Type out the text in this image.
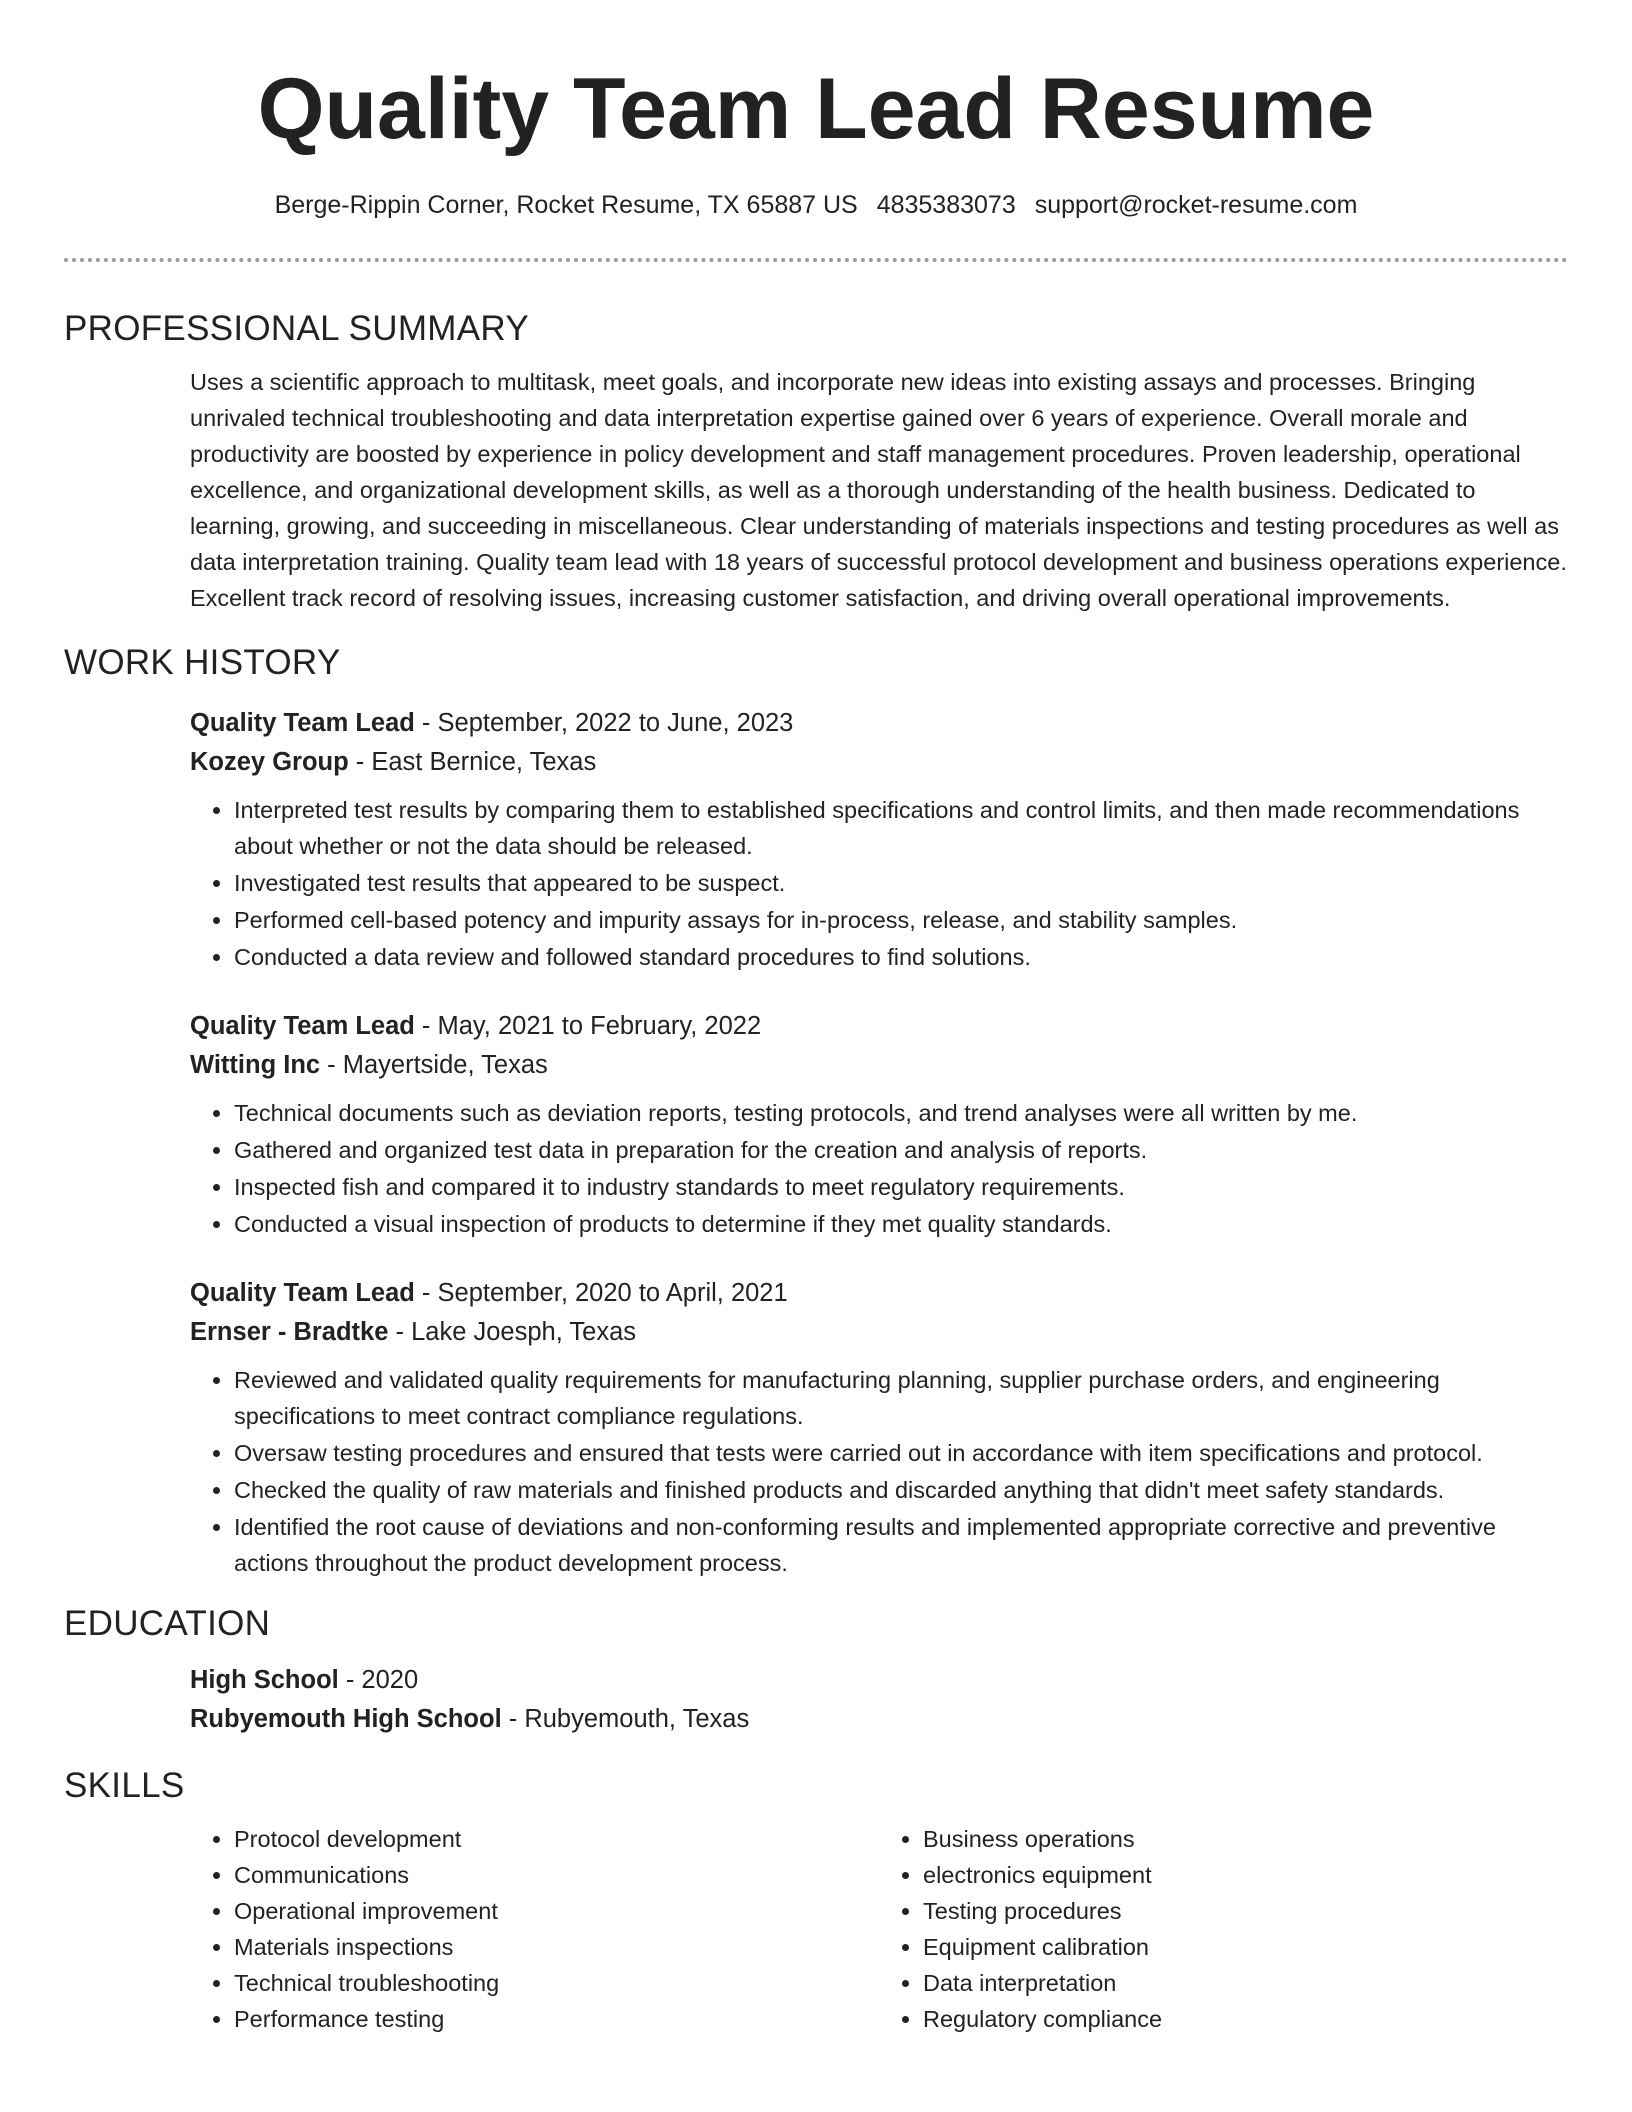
Quality Team Lead Resume
Berge-Rippin Corner, Rocket Resume, TX 65887 US 4835383073 support@rocket-resume.com
PROFESSIONAL SUMMARY

Uses a scientific approach to multitask, meet goals, and incorporate new ideas into existing assays and processes. Bringing unrivaled technical troubleshooting and data interpretation expertise gained over 6 years of experience. Overall morale and productivity are boosted by experience in policy development and staff management procedures. Proven leadership, operational excellence, and organizational development skills, as well as a thorough understanding of the health business. Dedicated to learning, growing, and succeeding in miscellaneous. Clear understanding of materials inspections and testing procedures as well as data interpretation training. Quality team lead with 18 years of successful protocol development and business operations experience. Excellent track record of resolving issues, increasing customer satisfaction, and driving overall operational improvements.

WORK HISTORY
Quality Team Lead - September, 2022 to June, 2023
Kozey Group - East Bernice, Texas
• Interpreted test results by comparing them to established specifications and control limits, and then made recommendations about whether or not the data should be released.
• Investigated test results that appeared to be suspect.
• Performed cell-based potency and impurity assays for in-process, release, and stability samples.
• Conducted a data review and followed standard procedures to find solutions.
Quality Team Lead - May, 2021 to February, 2022
Witting Inc - Mayertside, Texas
• Technical documents such as deviation reports, testing protocols, and trend analyses were all written by me.
• Gathered and organized test data in preparation for the creation and analysis of reports.
• Inspected fish and compared it to industry standards to meet regulatory requirements.
• Conducted a visual inspection of products to determine if they met quality standards.
Quality Team Lead - September, 2020 to April, 2021
Ernser - Bradtke - Lake Joesph, Texas
• Reviewed and validated quality requirements for manufacturing planning, supplier purchase orders, and engineering specifications to meet contract compliance regulations.
• Oversaw testing procedures and ensured that tests were carried out in accordance with item specifications and protocol.
• Checked the quality of raw materials and finished products and discarded anything that didn't meet safety standards.
• Identified the root cause of deviations and non-conforming results and implemented appropriate corrective and preventive actions throughout the product development process.
EDUCATION
High School - 2020
Rubyemouth High School - Rubyemouth, Texas
SKILLS
• Protocol development
• Communications
• Operational improvement
• Materials inspections
• Technical troubleshooting
• Performance testing
• Business operations
• electronics equipment
• Testing procedures
• Equipment calibration
• Data interpretation
• Regulatory compliance
